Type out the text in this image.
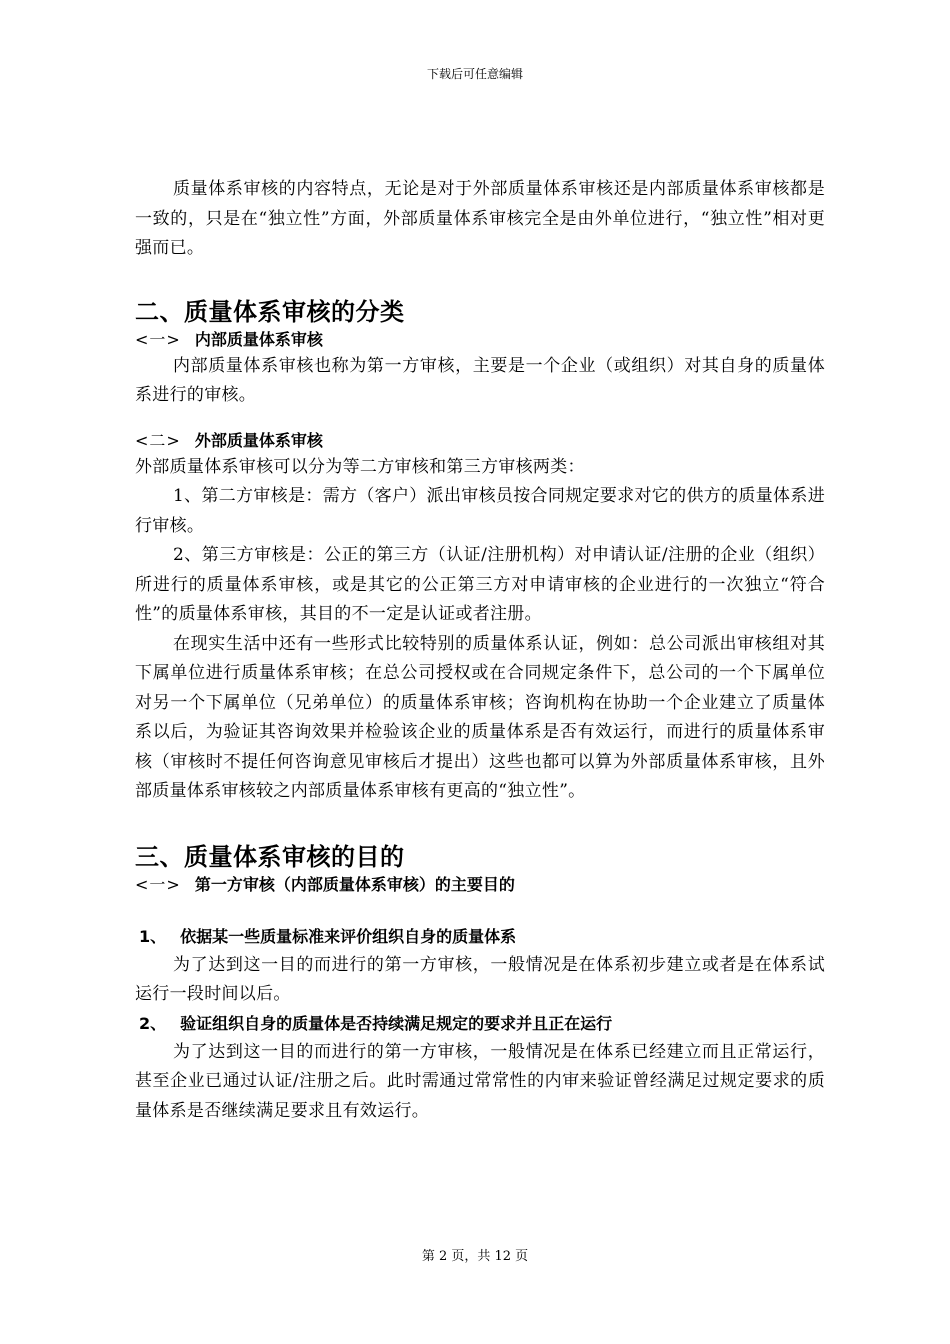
下载后可任意编辑

质量体系审核的内容特点，无论是对于外部质量体系审核还是内部质量体系审核都是一致的，只是在“独立性”方面，外部质量体系审核完全是由外单位进行，“独立性”相对更强而已。

二、质量体系审核的分类
<一> 内部质量体系审核

内部质量体系审核也称为第一方审核，主要是一个企业（或组织）对其自身的质量体系进行的审核。

<二> 外部质量体系审核

外部质量体系审核可以分为等二方审核和第三方审核两类：

1、第二方审核是：需方（客户）派出审核员按合同规定要求对它的供方的质量体系进行审核。

2、第三方审核是：公正的第三方（认证/注册机构）对申请认证/注册的企业（组织）所进行的质量体系审核，或是其它的公正第三方对申请审核的企业进行的一次独立“符合性”的质量体系审核，其目的不一定是认证或者注册。

在现实生活中还有一些形式比较特别的质量体系认证，例如：总公司派出审核组对其下属单位进行质量体系审核；在总公司授权或在合同规定条件下，总公司的一个下属单位对另一个下属单位（兄弟单位）的质量体系审核；咨询机构在协助一个企业建立了质量体系以后，为验证其咨询效果并检验该企业的质量体系是否有效运行，而进行的质量体系审核（审核时不提任何咨询意见审核后才提出）这些也都可以算为外部质量体系审核，且外部质量体系审核较之内部质量体系审核有更高的“独立性”。

三、质量体系审核的目的
<一> 第一方审核（内部质量体系审核）的主要目的
1、 依据某一些质量标准来评价组织自身的质量体系

为了达到这一目的而进行的第一方审核，一般情况是在体系初步建立或者是在体系试运行一段时间以后。

2、 验证组织自身的质量体是否持续满足规定的要求并且正在运行

为了达到这一目的而进行的第一方审核，一般情况是在体系已经建立而且正常运行，甚至企业已通过认证/注册之后。此时需通过常常性的内审来验证曾经满足过规定要求的质量体系是否继续满足要求且有效运行。

第 2 页，共 12 页
